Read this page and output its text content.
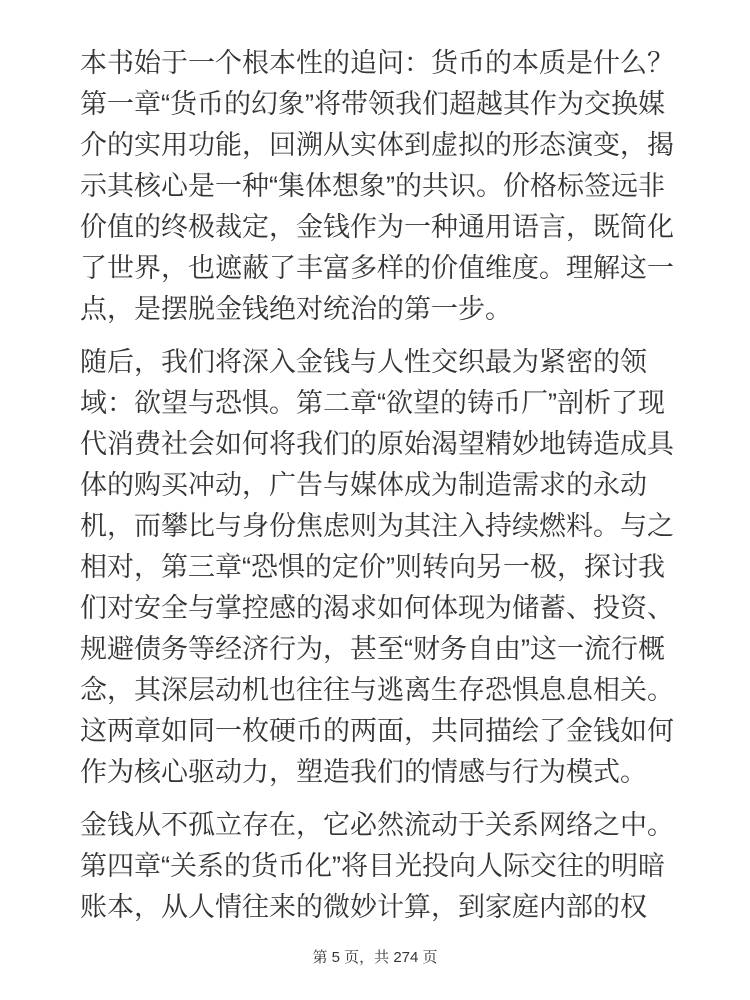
本书始于一个根本性的追问：货币的本质是什么？第一章“货币的幻象”将带领我们超越其作为交换媒介的实用功能，回溯从实体到虚拟的形态演变，揭示其核心是一种“集体想象”的共识。价格标签远非价值的终极裁定，金钱作为一种通用语言，既简化了世界，也遮蔽了丰富多样的价值维度。理解这一点，是摆脱金钱绝对统治的第一步。

随后，我们将深入金钱与人性交织最为紧密的领域：欲望与恐惧。第二章“欲望的铸币厂”剖析了现代消费社会如何将我们的原始渴望精妙地铸造成具体的购买冲动，广告与媒体成为制造需求的永动机，而攀比与身份焦虑则为其注入持续燃料。与之相对，第三章“恐惧的定价”则转向另一极，探讨我们对安全与掌控感的渴求如何体现为储蓄、投资、规避债务等经济行为，甚至“财务自由”这一流行概念，其深层动机也往往与逃离生存恐惧息息相关。这两章如同一枚硬币的两面，共同描绘了金钱如何作为核心驱动力，塑造我们的情感与行为模式。

金钱从不孤立存在，它必然流动于关系网络之中。第四章“关系的货币化”将目光投向人际交往的明暗账本，从人情往来的微妙计算，到家庭内部的权

第 5 页，共 274 页
